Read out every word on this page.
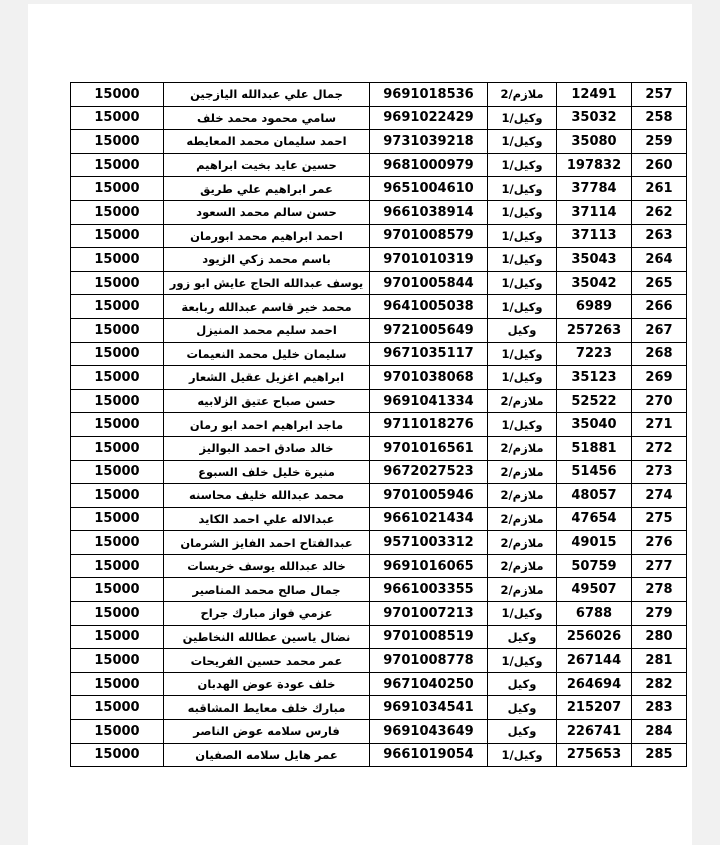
15000	جمال علي عبدالله اليازجين	9691018536	ملازم/2	12491	257
15000	سامي محمود محمد خلف	9691022429	وكيل/1	35032	258
15000	احمد سليمان محمد المعايطه	9731039218	وكيل/1	35080	259
15000	حسين عايد بخيت ابراهيم	9681000979	وكيل/1	197832	260
15000	عمر ابراهيم علي طريق	9651004610	وكيل/1	37784	261
15000	حسن سالم محمد السعود	9661038914	وكيل/1	37114	262
15000	احمد ابراهيم محمد ابورمان	9701008579	وكيل/1	37113	263
15000	باسم محمد زكي الزيود	9701010319	وكيل/1	35043	264
15000	يوسف عبدالله الحاج عايش ابو زور	9701005844	وكيل/1	35042	265
15000	محمد خير قاسم عبدالله ربابعة	9641005038	وكيل/1	6989	266
15000	احمد سليم محمد المنيزل	9721005649	وكيل	257263	267
15000	سليمان خليل محمد النعيمات	9671035117	وكيل/1	7223	268
15000	ابراهيم اغزيل عقيل الشعار	9701038068	وكيل/1	35123	269
15000	حسن صباح عتيق الزلابيه	9691041334	ملازم/2	52522	270
15000	ماجد ابراهيم احمد ابو رمان	9711018276	وكيل/1	35040	271
15000	خالد صادق احمد البواليز	9701016561	ملازم/2	51881	272
15000	منيرة خليل خلف السبوع	9672027523	ملازم/2	51456	273
15000	محمد عبدالله خليف محاسنه	9701005946	ملازم/2	48057	274
15000	عبدالاله علي احمد الكايد	9661021434	ملازم/2	47654	275
15000	عبدالفتاح احمد الفايز الشرمان	9571003312	ملازم/2	49015	276
15000	خالد عبدالله يوسف خريسات	9691016065	ملازم/2	50759	277
15000	جمال صالح محمد المناصير	9661003355	ملازم/2	49507	278
15000	عزمي فواز مبارك جراح	9701007213	وكيل/1	6788	279
15000	نضال ياسين عطالله النخاطين	9701008519	وكيل	256026	280
15000	عمر محمد حسين الفريحات	9701008778	وكيل/1	267144	281
15000	خلف عودة عوض الهدبان	9671040250	وكيل	264694	282
15000	مبارك خلف معايط المشاقبه	9691034541	وكيل	215207	283
15000	فارس سلامه عوض الناصر	9691043649	وكيل	226741	284
15000	عمر هايل سلامه الصفيان	9661019054	وكيل/1	275653	285
